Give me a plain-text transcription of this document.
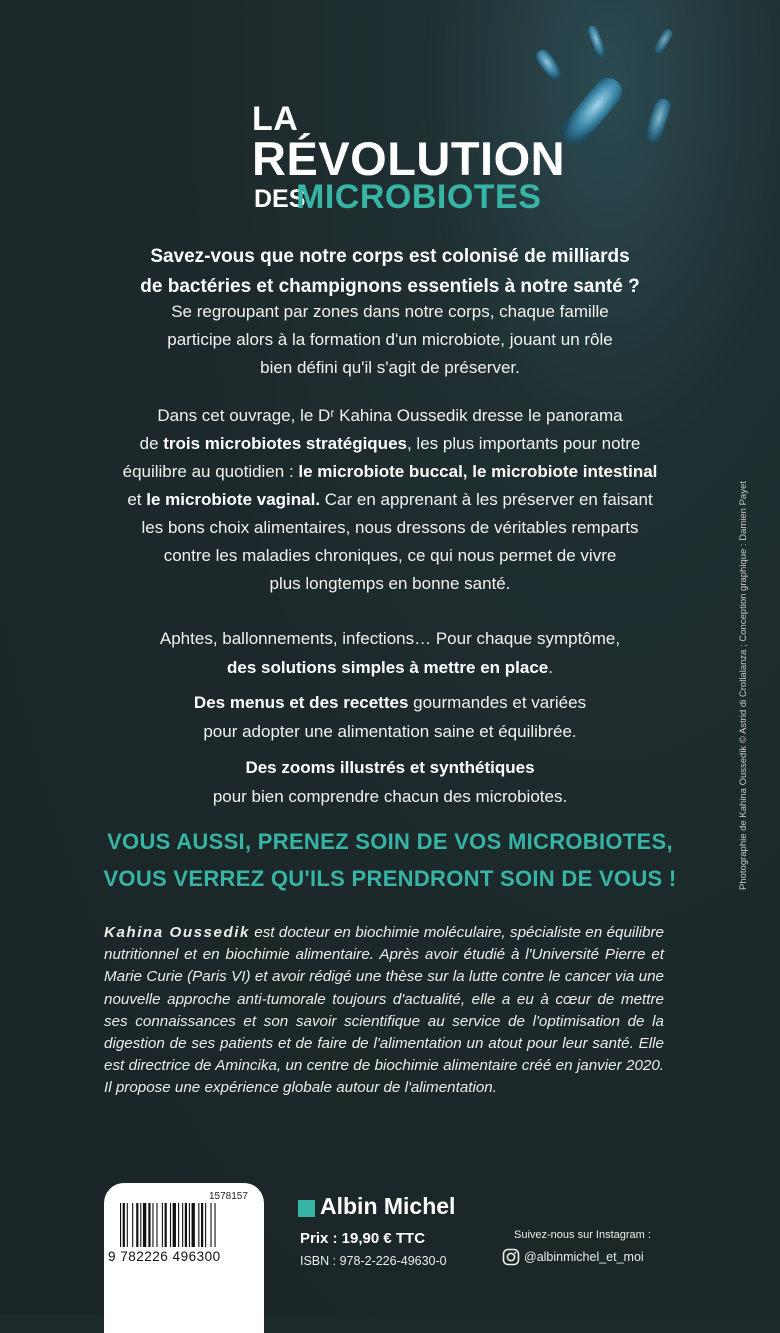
LA
RÉVOLUTION
DES
MICROBIOTES
Savez-vous que notre corps est colonisé de milliards
de bactéries et champignons essentiels à notre santé ?
Se regroupant par zones dans notre corps, chaque famille
participe alors à la formation d'un microbiote, jouant un rôle
bien défini qu'il s'agit de préserver.
Dans cet ouvrage, le Dʳ Kahina Oussedik dresse le panorama
de trois microbiotes stratégiques, les plus importants pour notre
équilibre au quotidien : le microbiote buccal, le microbiote intestinal
et le microbiote vaginal. Car en apprenant à les préserver en faisant
les bons choix alimentaires, nous dressons de véritables remparts
contre les maladies chroniques, ce qui nous permet de vivre
plus longtemps en bonne santé.
Aphtes, ballonnements, infections… Pour chaque symptôme,
des solutions simples à mettre en place.
Des menus et des recettes gourmandes et variées
pour adopter une alimentation saine et équilibrée.
Des zooms illustrés et synthétiques
pour bien comprendre chacun des microbiotes.
VOUS AUSSI, PRENEZ SOIN DE VOS MICROBIOTES,
VOUS VERREZ QU'ILS PRENDRONT SOIN DE VOUS !
Kahina Oussedik est docteur en biochimie moléculaire, spécialiste en équilibre nutritionnel et en biochimie alimentaire. Après avoir étudié à l'Université Pierre et Marie Curie (Paris VI) et avoir rédigé une thèse sur la lutte contre le cancer via une nouvelle approche anti-tumorale toujours d'actualité, elle a eu à cœur de mettre ses connaissances et son savoir scientifique au service de l'optimisation de la digestion de ses patients et de faire de l'alimentation un atout pour leur santé. Elle est directrice de Amincika, un centre de biochimie alimentaire créé en janvier 2020. Il propose une expérience globale autour de l'alimentation.
Photographie de Kahina Oussedik © Astrid di Crollalanza ; Conception graphique : Damien Payet
1578157
9 782226 496300
Albin Michel
Prix : 19,90 € TTC
ISBN : 978-2-226-49630-0
Suivez-nous sur Instagram :
@albinmichel_et_moi
